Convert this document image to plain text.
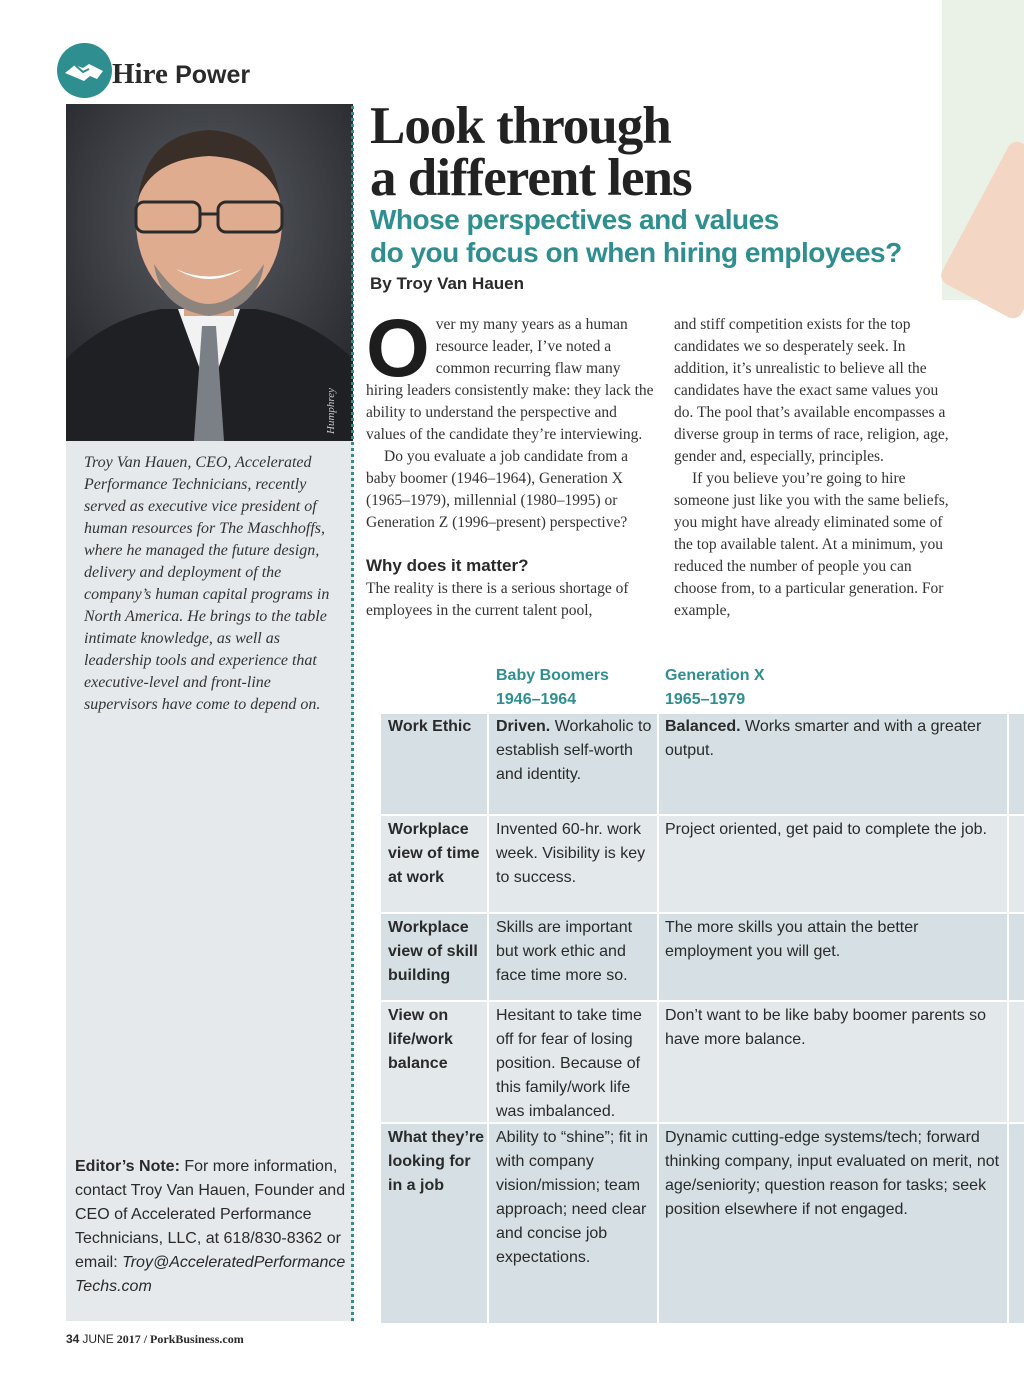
Hire Power
Humphrey
Troy Van Hauen, CEO, Accelerated Performance Technicians, recently served as executive vice president of human resources for The Maschhoffs, where he managed the future design, delivery and deployment of the company’s human capital programs in North America. He brings to the table intimate knowledge, as well as leadership tools and experience that executive-level and front-line supervisors have come to depend on.
Editor’s Note: For more information, contact Troy Van Hauen, Founder and CEO of Accelerated Performance Technicians, LLC, at 618/830-8362 or email: Troy@AcceleratedPerformanceTechs.com
Look through
a different lens
Whose perspectives and values
do you focus on when hiring employees?
By Troy Van Hauen

Over my many years as a human resource leader, I’ve noted a common recurring flaw many hiring leaders consistently make: they lack the ability to understand the perspective and values of the candidate they’re interviewing.

Do you evaluate a job candidate from a baby boomer (1946–1964), Generation X (1965–1979), millennial (1980–1995) or Generation Z (1996–present) perspective?

Why does it matter?

The reality is there is a serious shortage of employees in the current talent pool,

and stiff competition exists for the top candidates we so desperately seek. In addition, it’s unrealistic to believe all the candidates have the exact same values you do. The pool that’s available encompasses a diverse group in terms of race, religion, age, gender and, especially, principles.

If you believe you’re going to hire someone just like you with the same beliefs, you might have already eliminated some of the top available talent. At a minimum, you reduced the number of people you can choose from, to a particular generation. For example,

Baby Boomers
1946–1964
Generation X
1965–1979
Work Ethic	Driven. Workaholic to establish self-worth and identity.
Balanced. Works smarter and with a greater output.
Workplace view of time at work
Invented 60-hr. work week. Visibility is key to success.
Project oriented, get paid to complete the job.
Workplace view of skill building
Skills are important but work ethic and face time more so.
The more skills you attain the better employment you will get.
View on life/work balance
Hesitant to take time off for fear of losing position. Because of this family/work life was imbalanced.
Don’t want to be like baby boomer parents so have more balance.
What they’re looking for in a job
Ability to “shine”; fit in with company vision/mission; team approach; need clear and concise job expectations.
Dynamic cutting-edge systems/tech; forward thinking company, input evaluated on merit, not age/seniority; question reason for tasks; seek position elsewhere if not engaged.
34 JUNE 2017 / PorkBusiness.com
